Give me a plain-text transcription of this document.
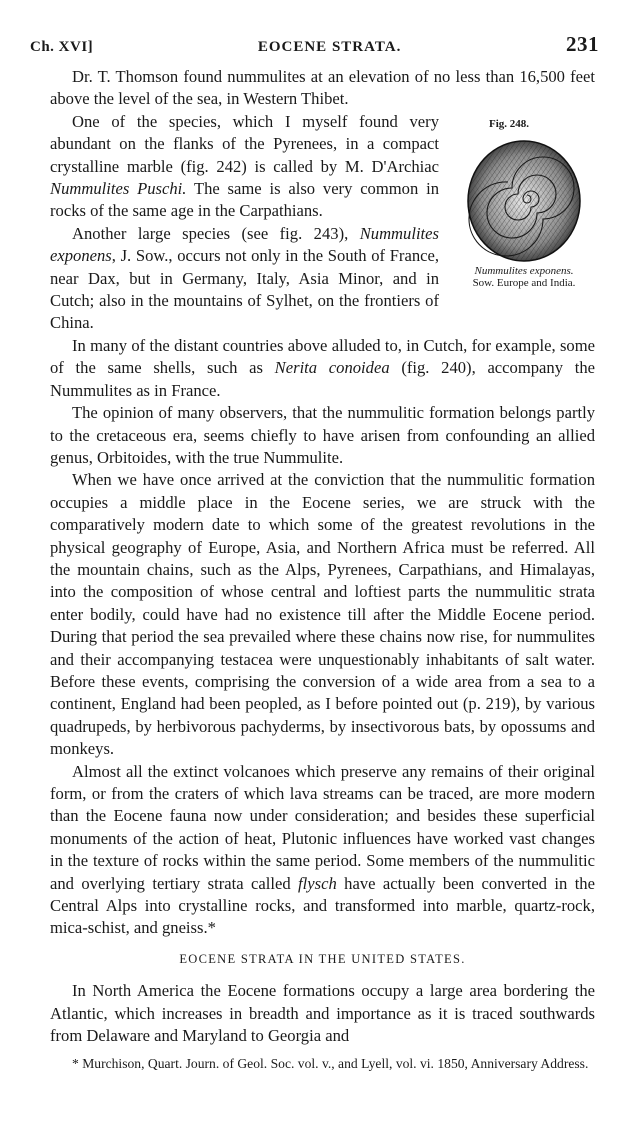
Ch. XVI]	EOCENE STRATA.	231

Dr. T. Thomson found nummulites at an elevation of no less than 16,500 feet above the level of the sea, in Western Thibet.

Fig. 248.
Nummulites exponens.
Sow. Europe and India.

One of the species, which I myself found very abundant on the flanks of the Pyrenees, in a compact crystalline marble (fig. 242) is called by M. D'Archiac Nummulites Puschi. The same is also very common in rocks of the same age in the Carpathians.

Another large species (see fig. 243), Nummulites exponens, J. Sow., occurs not only in the South of France, near Dax, but in Germany, Italy, Asia Minor, and in Cutch; also in the mountains of Sylhet, on the frontiers of China.

In many of the distant countries above alluded to, in Cutch, for example, some of the same shells, such as Nerita conoidea (fig. 240), accompany the Nummulites as in France.

The opinion of many observers, that the nummulitic formation belongs partly to the cretaceous era, seems chiefly to have arisen from confounding an allied genus, Orbitoides, with the true Nummulite.

When we have once arrived at the conviction that the nummulitic formation occupies a middle place in the Eocene series, we are struck with the comparatively modern date to which some of the greatest revolutions in the physical geography of Europe, Asia, and Northern Africa must be referred. All the mountain chains, such as the Alps, Pyrenees, Carpathians, and Himalayas, into the composition of whose central and loftiest parts the nummulitic strata enter bodily, could have had no existence till after the Middle Eocene period. During that period the sea prevailed where these chains now rise, for nummulites and their accompanying testacea were unquestionably inhabitants of salt water. Before these events, comprising the conversion of a wide area from a sea to a continent, England had been peopled, as I before pointed out (p. 219), by various quadrupeds, by herbivorous pachyderms, by insectivorous bats, by opossums and monkeys.

Almost all the extinct volcanoes which preserve any remains of their original form, or from the craters of which lava streams can be traced, are more modern than the Eocene fauna now under consideration; and besides these superficial monuments of the action of heat, Plutonic influences have worked vast changes in the texture of rocks within the same period. Some members of the nummulitic and overlying tertiary strata called flysch have actually been converted in the Central Alps into crystalline rocks, and transformed into marble, quartz-rock, mica-schist, and gneiss.*

EOCENE STRATA IN THE UNITED STATES.

In North America the Eocene formations occupy a large area bordering the Atlantic, which increases in breadth and importance as it is traced southwards from Delaware and Maryland to Georgia and

* Murchison, Quart. Journ. of Geol. Soc. vol. v., and Lyell, vol. vi. 1850, Anniversary Address.
